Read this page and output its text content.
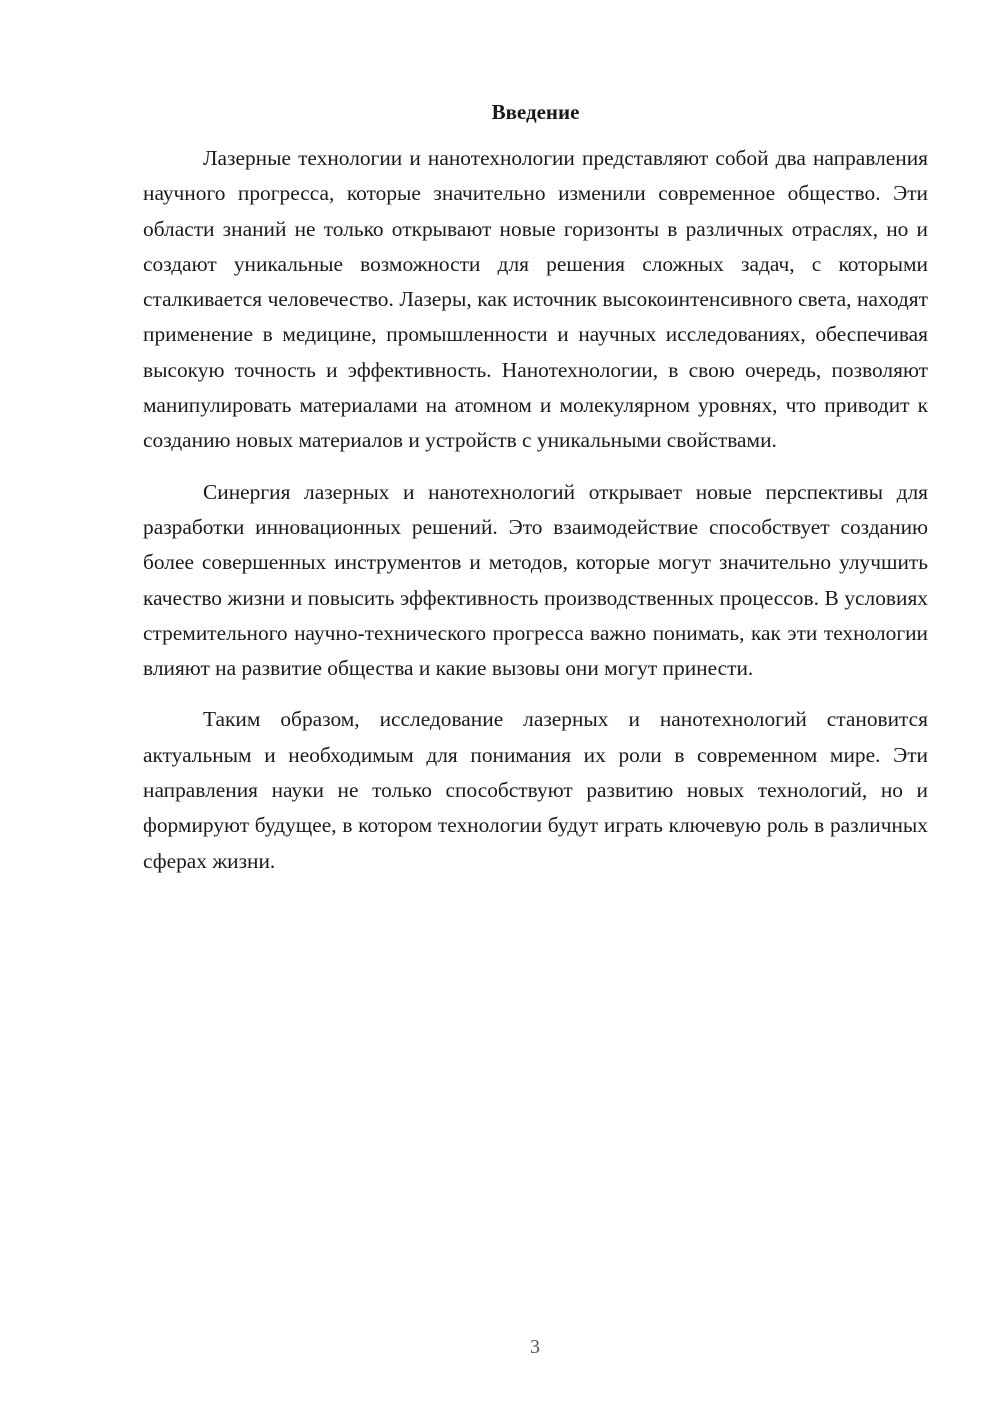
Введение

Лазерные технологии и нанотехнологии представляют собой два направления научного прогресса, которые значительно изменили современное общество. Эти области знаний не только открывают новые горизонты в различных отраслях, но и создают уникальные возможности для решения сложных задач, с которыми сталкивается человечество. Лазеры, как источник высокоинтенсивного света, находят применение в медицине, промышленности и научных исследованиях, обеспечивая высокую точность и эффективность. Нанотехнологии, в свою очередь, позволяют манипулировать материалами на атомном и молекулярном уровнях, что приводит к созданию новых материалов и устройств с уникальными свойствами.

Синергия лазерных и нанотехнологий открывает новые перспективы для разработки инновационных решений. Это взаимодействие способствует созданию более совершенных инструментов и методов, которые могут значительно улучшить качество жизни и повысить эффективность производственных процессов. В условиях стремительного научно-технического прогресса важно понимать, как эти технологии влияют на развитие общества и какие вызовы они могут принести.

Таким образом, исследование лазерных и нанотехнологий становится актуальным и необходимым для понимания их роли в современном мире. Эти направления науки не только способствуют развитию новых технологий, но и формируют будущее, в котором технологии будут играть ключевую роль в различных сферах жизни.

3
